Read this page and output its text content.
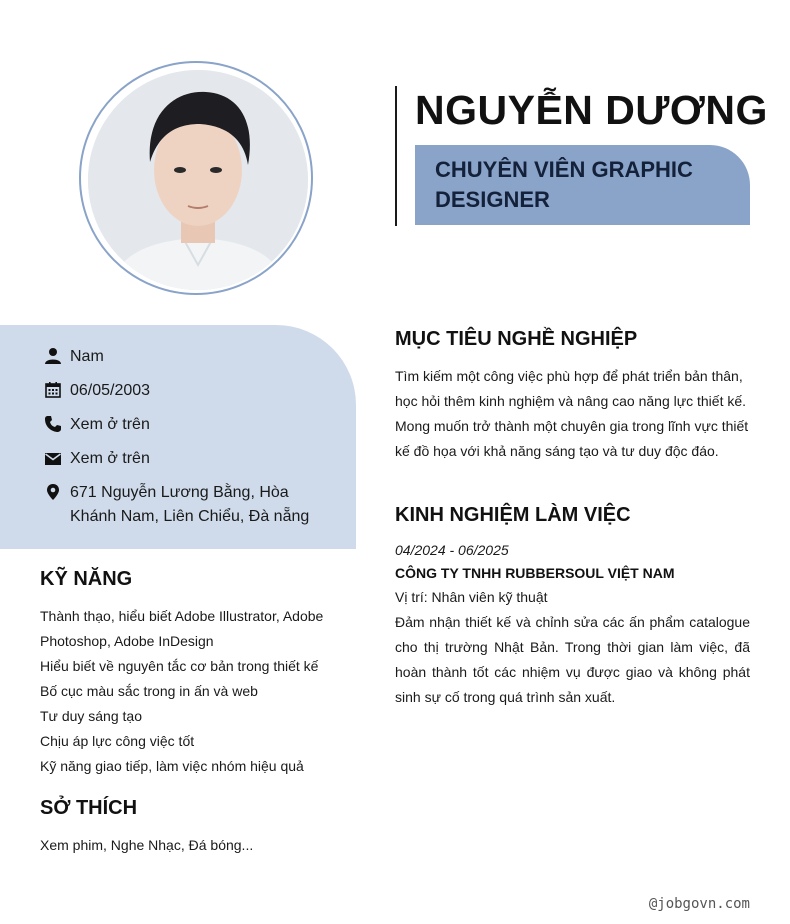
NGUYỄN DƯƠNG
CHUYÊN VIÊN GRAPHIC DESIGNER
Nam
06/05/2003
Xem ở trên
Xem ở trên
671 Nguyễn Lương Bằng, Hòa Khánh Nam, Liên Chiểu, Đà nẵng
KỸ NĂNG
Thành thạo, hiểu biết Adobe Illustrator, Adobe Photoshop, Adobe InDesign
Hiểu biết về nguyên tắc cơ bản trong thiết kế
Bố cục màu sắc trong in ấn và web
Tư duy sáng tạo
Chịu áp lực công việc tốt
Kỹ năng giao tiếp, làm việc nhóm hiệu quả
SỞ THÍCH
Xem phim, Nghe Nhạc, Đá bóng...
MỤC TIÊU NGHỀ NGHIỆP
Tìm kiếm một công việc phù hợp để phát triển bản thân, học hỏi thêm kinh nghiệm và nâng cao năng lực thiết kế. Mong muốn trở thành một chuyên gia trong lĩnh vực thiết kế đồ họa với khả năng sáng tạo và tư duy độc đáo.
KINH NGHIỆM LÀM VIỆC
04/2024 - 06/2025
CÔNG TY TNHH RUBBERSOUL VIỆT NAM
Vị trí: Nhân viên kỹ thuật
Đảm nhận thiết kế và chỉnh sửa các ấn phẩm catalogue cho thị trường Nhật Bản. Trong thời gian làm việc, đã hoàn thành tốt các nhiệm vụ được giao và không phát sinh sự cố trong quá trình sản xuất.
@jobgovn.com
